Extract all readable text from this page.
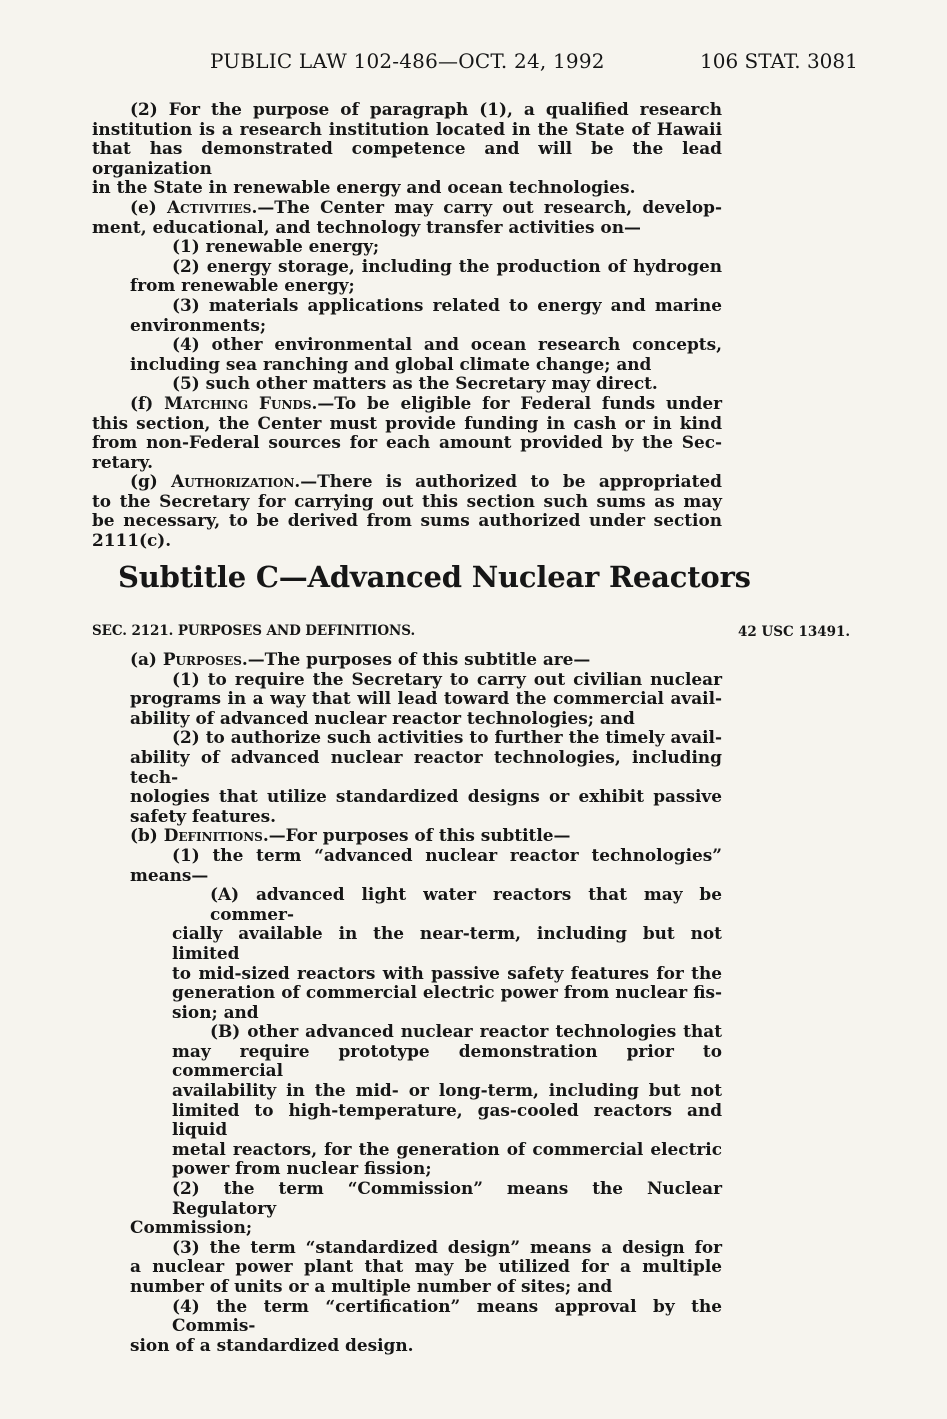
PUBLIC LAW 102-486—OCT. 24, 1992	106 STAT. 3081
(2) For the purpose of paragraph (1), a qualified research
institution is a research institution located in the State of Hawaii
that has demonstrated competence and will be the lead organization
in the State in renewable energy and ocean technologies.
(e) Activities.—The Center may carry out research, develop-
ment, educational, and technology transfer activities on—
(1) renewable energy;
(2) energy storage, including the production of hydrogen
from renewable energy;
(3) materials applications related to energy and marine
environments;
(4) other environmental and ocean research concepts,
including sea ranching and global climate change; and
(5) such other matters as the Secretary may direct.
(f) Matching Funds.—To be eligible for Federal funds under
this section, the Center must provide funding in cash or in kind
from non-Federal sources for each amount provided by the Sec-
retary.
(g) Authorization.—There is authorized to be appropriated
to the Secretary for carrying out this section such sums as may
be necessary, to be derived from sums authorized under section
2111(c).
Subtitle C—Advanced Nuclear Reactors
SEC. 2121. PURPOSES AND DEFINITIONS.	42 USC 13491.
(a) Purposes.—The purposes of this subtitle are—
(1) to require the Secretary to carry out civilian nuclear
programs in a way that will lead toward the commercial avail-
ability of advanced nuclear reactor technologies; and
(2) to authorize such activities to further the timely avail-
ability of advanced nuclear reactor technologies, including tech-
nologies that utilize standardized designs or exhibit passive
safety features.
(b) Definitions.—For purposes of this subtitle—
(1) the term “advanced nuclear reactor technologies”
means—
(A) advanced light water reactors that may be commer-
cially available in the near-term, including but not limited
to mid-sized reactors with passive safety features for the
generation of commercial electric power from nuclear fis-
sion; and
(B) other advanced nuclear reactor technologies that
may require prototype demonstration prior to commercial
availability in the mid- or long-term, including but not
limited to high-temperature, gas-cooled reactors and liquid
metal reactors, for the generation of commercial electric
power from nuclear fission;
(2) the term “Commission” means the Nuclear Regulatory
Commission;
(3) the term “standardized design” means a design for
a nuclear power plant that may be utilized for a multiple
number of units or a multiple number of sites; and
(4) the term “certification” means approval by the Commis-
sion of a standardized design.
